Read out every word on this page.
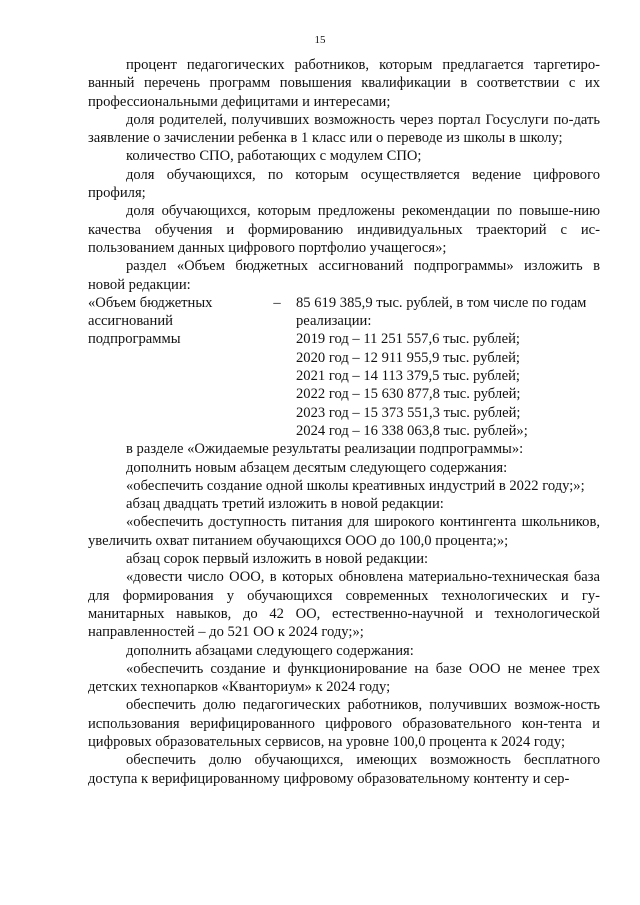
15

процент педагогических работников, которым предлагается таргетиро-ванный перечень программ повышения квалификации в соответствии с их профессиональными дефицитами и интересами;

доля родителей, получивших возможность через портал Госуслуги по-дать заявление о зачислении ребенка в 1 класс или о переводе из школы в школу;

количество СПО, работающих с модулем СПО;

доля обучающихся, по которым осуществляется ведение цифрового профиля;

доля обучающихся, которым предложены рекомендации по повыше-нию качества обучения и формированию индивидуальных траекторий с ис-пользованием данных цифрового портфолио учащегося»;

раздел «Объем бюджетных ассигнований подпрограммы» изложить в новой редакции:

«Объем бюджетных ассигнований подпрограммы
–	85 619 385,9 тыс. рублей, в том числе по годам реализации:
2019 год – 11 251 557,6 тыс. рублей;
2020 год – 12 911 955,9 тыс. рублей;
2021 год – 14 113 379,5 тыс. рублей;
2022 год – 15 630 877,8 тыс. рублей;
2023 год – 15 373 551,3 тыс. рублей;
2024 год – 16 338 063,8 тыс. рублей»;

в разделе «Ожидаемые результаты реализации подпрограммы»:

дополнить новым абзацем десятым следующего содержания:

«обеспечить создание одной школы креативных индустрий в 2022 году;»;

абзац двадцать третий изложить в новой редакции:

«обеспечить доступность питания для широкого контингента школьников, увеличить охват питанием обучающихся ООО до 100,0 процента;»;

абзац сорок первый изложить в новой редакции:

«довести число ООО, в которых обновлена материально-техническая база для формирования у обучающихся современных технологических и гу-манитарных навыков, до 42 ОО, естественно-научной и технологической направленностей – до 521 ОО к 2024 году;»;

дополнить абзацами следующего содержания:

«обеспечить создание и функционирование на базе ООО не менее трех детских технопарков «Кванториум» к 2024 году;

обеспечить долю педагогических работников, получивших возмож-ность использования верифицированного цифрового образовательного кон-тента и цифровых образовательных сервисов, на уровне 100,0 процента к 2024 году;

обеспечить долю обучающихся, имеющих возможность бесплатного доступа к верифицированному цифровому образовательному контенту и сер-
